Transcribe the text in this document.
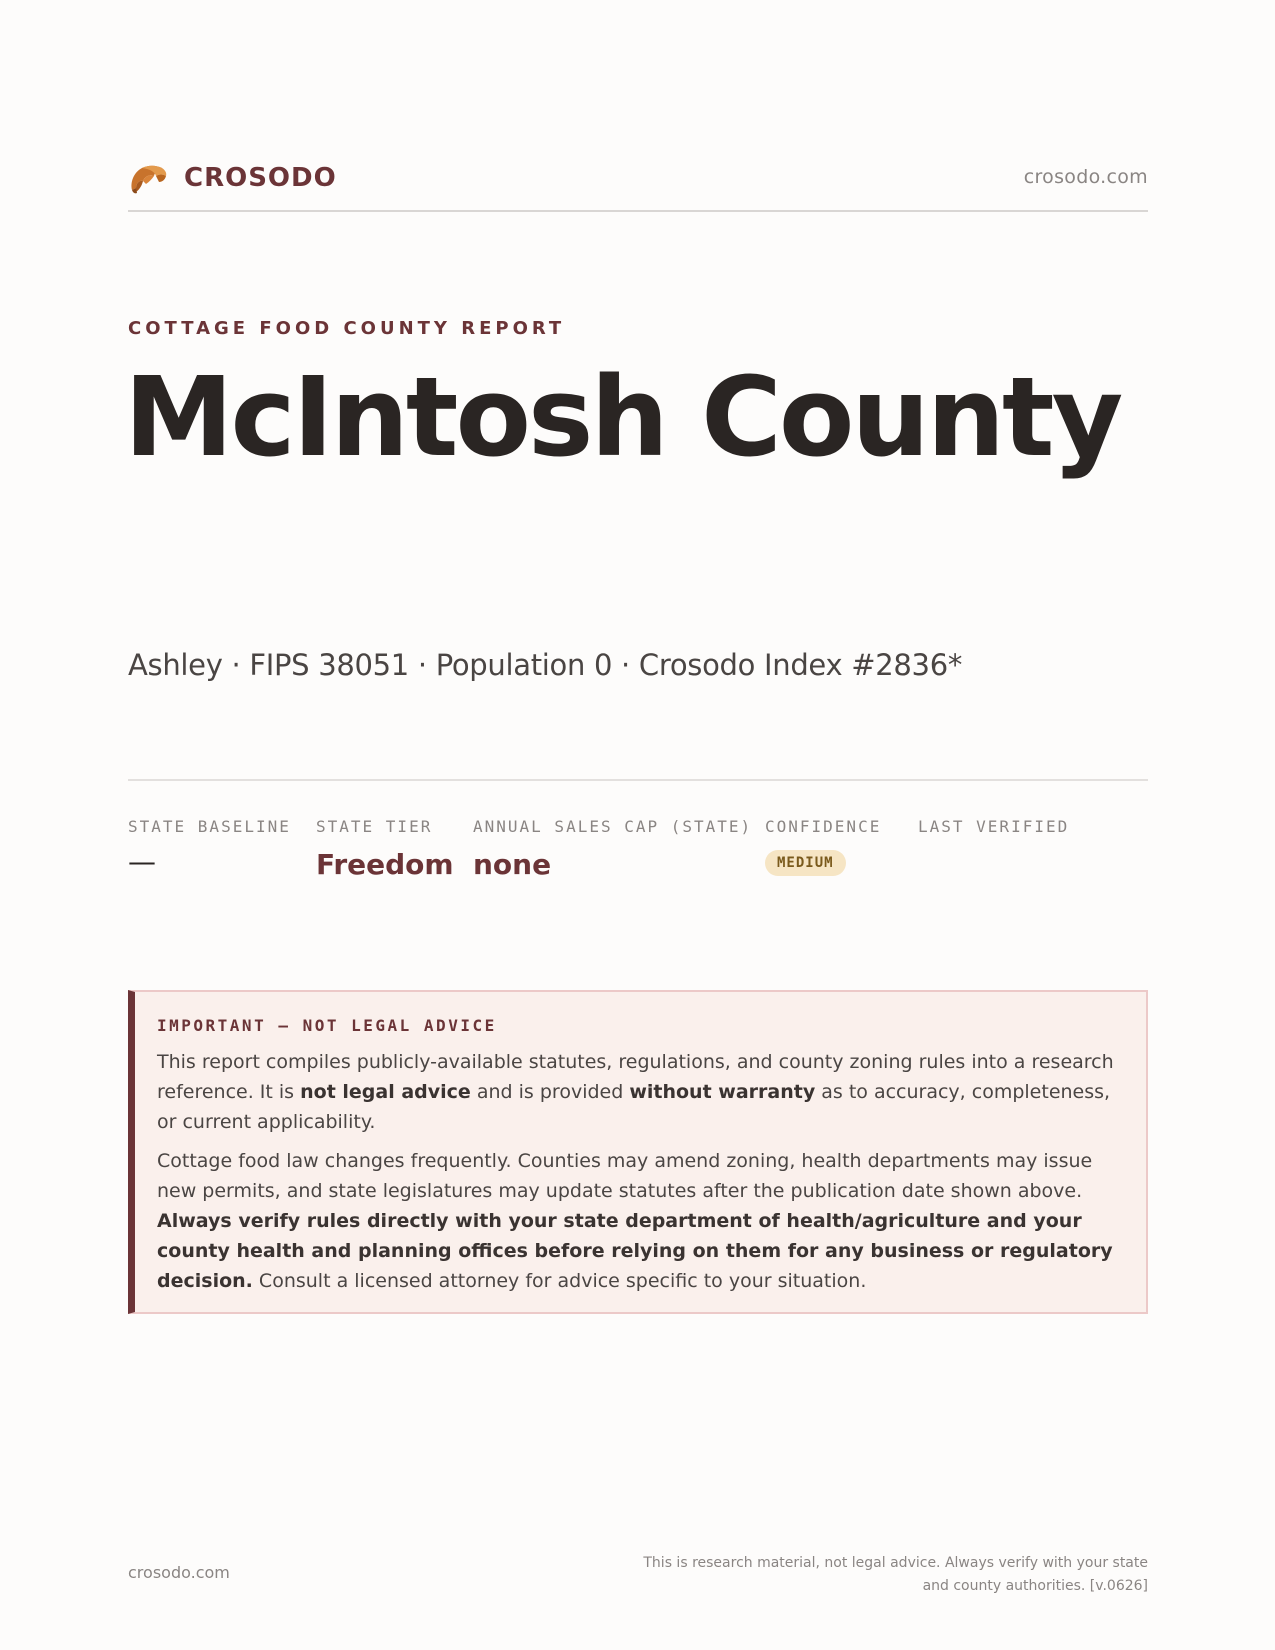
CROSODO	crosodo.com
COTTAGE FOOD COUNTY REPORT
McIntosh County
Ashley · FIPS 38051 · Population 0 · Crosodo Index #2836*
STATE BASELINE
—
STATE TIER
Freedom
ANNUAL SALES CAP (STATE)
none
CONFIDENCE
MEDIUM
LAST VERIFIED
IMPORTANT — NOT LEGAL ADVICE

This report compiles publicly-available statutes, regulations, and county zoning rules into a research reference. It is not legal advice and is provided without warranty as to accuracy, completeness, or current applicability.

Cottage food law changes frequently. Counties may amend zoning, health departments may issue new permits, and state legislatures may update statutes after the publication date shown above. Always verify rules directly with your state department of health/agriculture and your county health and planning offices before relying on them for any business or regulatory decision. Consult a licensed attorney for advice specific to your situation.

crosodo.com	This is research material, not legal advice. Always verify with your state
and county authorities. [v.0626]
